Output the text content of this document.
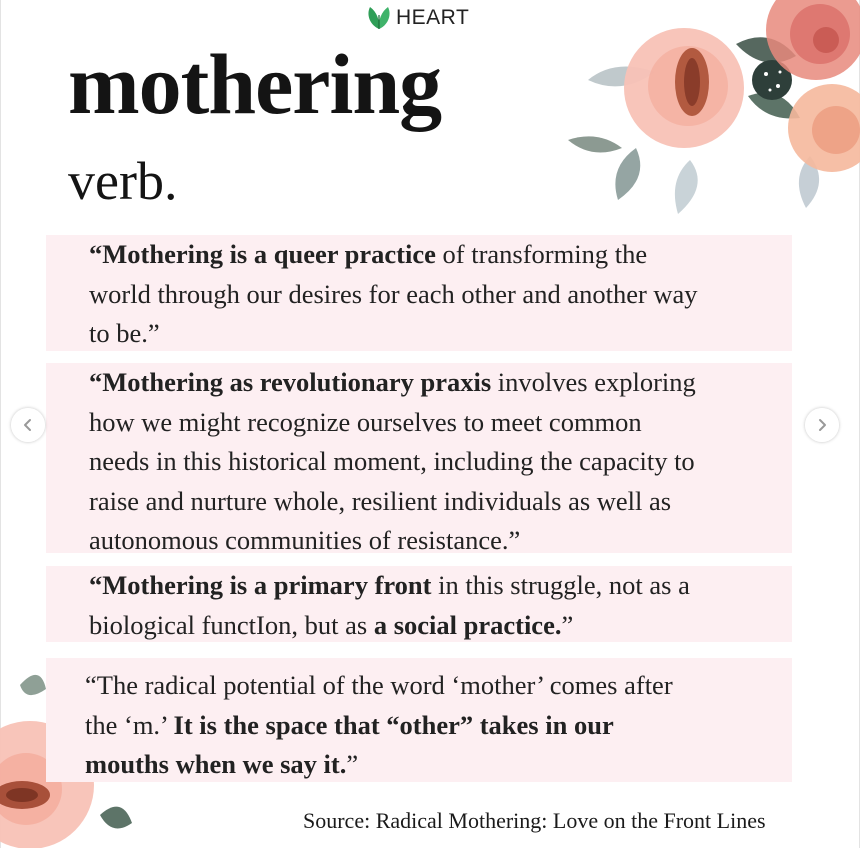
HEART
mothering
verb.
“Mothering is a queer practice of transforming the
world through our desires for each other and another way
to be.”
“Mothering as revolutionary praxis involves exploring
how we might recognize ourselves to meet common
needs in this historical moment, including the capacity to
raise and nurture whole, resilient individuals as well as
autonomous communities of resistance.”
“Mothering is a primary front in this struggle, not as a
biological functIon, but as a social practice.”
“The radical potential of the word ‘mother’ comes after
the ‘m.’ It is the space that “other” takes in our
mouths when we say it.”
Source: Radical Mothering: Love on the Front Lines
